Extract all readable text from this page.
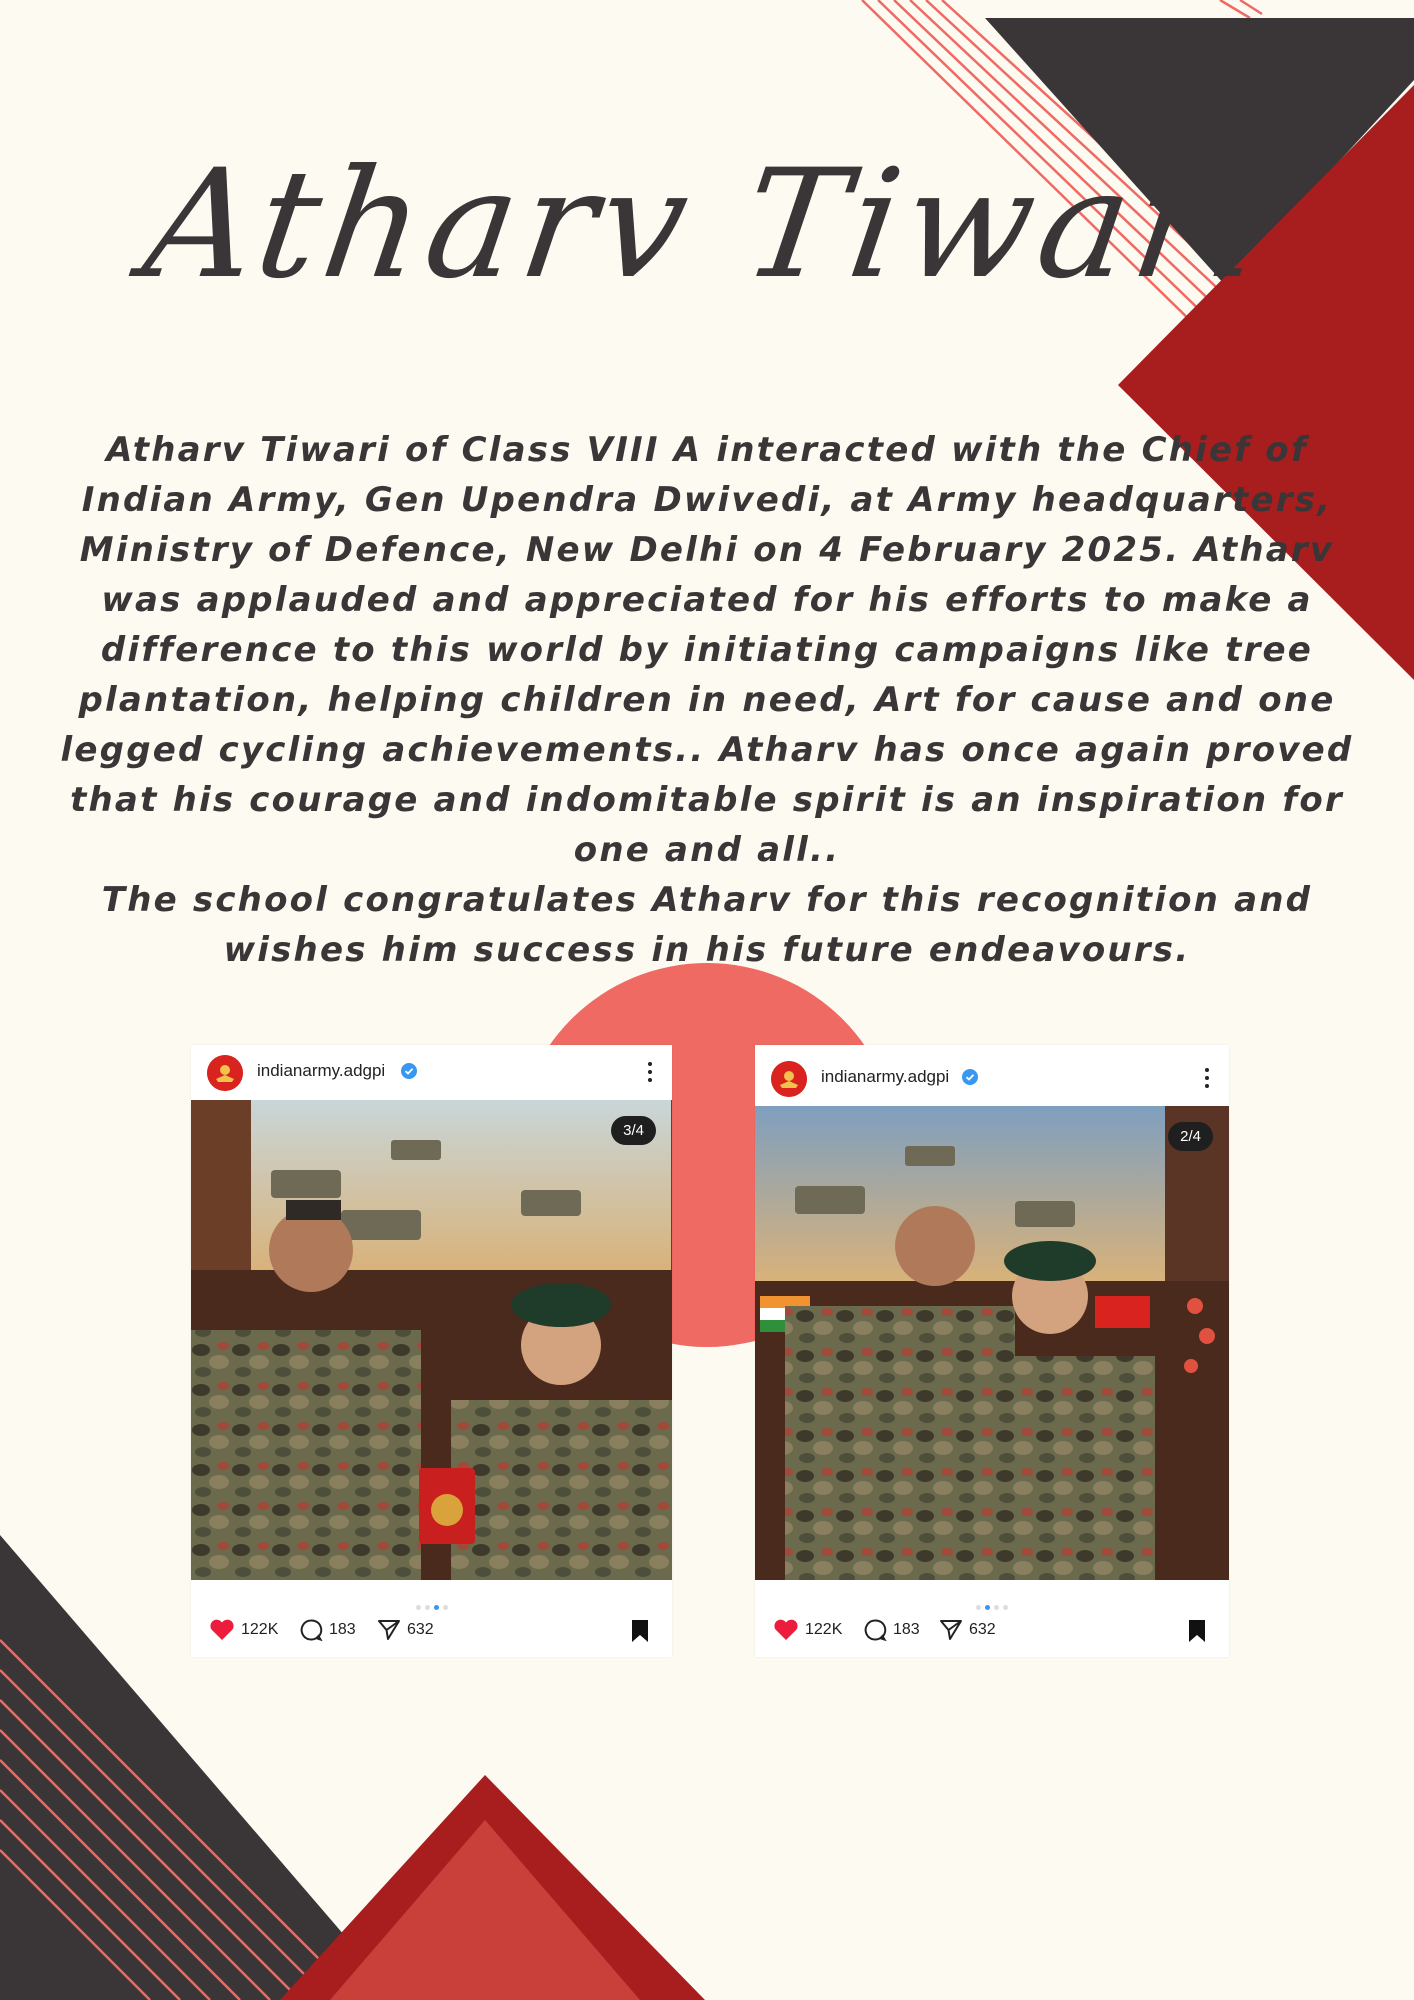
Atharv Tiwari

Atharv Tiwari of Class VIII A interacted with the Chief of Indian Army, Gen Upendra Dwivedi, at Army headquarters, Ministry of Defence, New Delhi on 4 February 2025. Atharv was applauded and appreciated for his efforts to make a difference to this world by initiating campaigns like tree plantation, helping children in need, Art for cause and one legged cycling achievements.. Atharv has once again proved that his courage and indomitable spirit is an inspiration for one and all..

The school congratulates Atharv for this recognition and wishes him success in his future endeavours.

indianarmy.adgpi
3/4
122K	183	632
indianarmy.adgpi
2/4
122K	183	632
